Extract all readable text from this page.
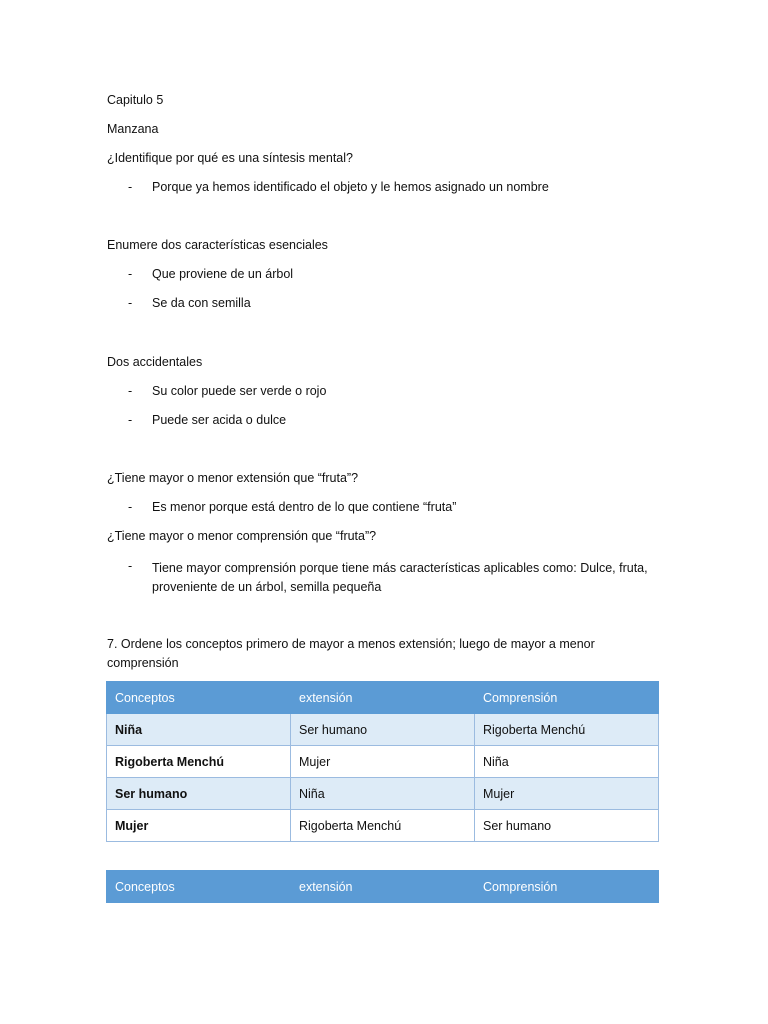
Capitulo 5
Manzana
¿Identifique por qué es una síntesis mental?
- Porque ya hemos identificado el objeto y le hemos asignado un nombre
Enumere dos características esenciales
- Que proviene de un árbol
- Se da con semilla
Dos accidentales
- Su color puede ser verde o rojo
- Puede ser acida o dulce
¿Tiene mayor o menor extensión que “fruta”?
- Es menor porque está dentro de lo que contiene “fruta”
¿Tiene mayor o menor comprensión que “fruta”?
- Tiene mayor comprensión porque tiene más características aplicables como: Dulce, fruta, proveniente de un árbol, semilla pequeña
7. Ordene los conceptos primero de mayor a menos extensión; luego de mayor a menor comprensión
Conceptos	extensión	Comprensión
Niña	Ser humano	Rigoberta Menchú
Rigoberta Menchú	Mujer	Niña
Ser humano	Niña	Mujer
Mujer	Rigoberta Menchú	Ser humano
Conceptos	extensión	Comprensión
